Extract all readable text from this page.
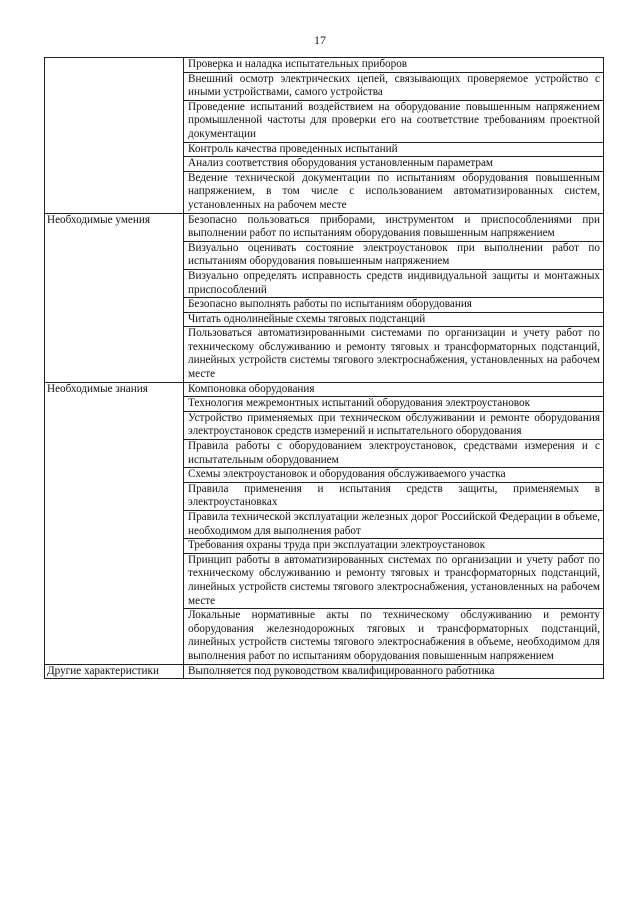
17
	Проверка и наладка испытательных приборов
	Внешний осмотр электрических цепей, связывающих проверяемое устройство с иными устройствами, самого устройства
	Проведение испытаний воздействием на оборудование повышенным напряжением промышленной частоты для проверки его на соответствие требованиям проектной документации
	Контроль качества проведенных испытаний
	Анализ соответствия оборудования установленным параметрам
	Ведение технической документации по испытаниям оборудования повышенным напряжением, в том числе с использованием автоматизированных систем, установленных на рабочем месте
Необходимые умения	Безопасно пользоваться приборами, инструментом и приспособлениями при выполнении работ по испытаниям оборудования повышенным напряжением
	Визуально оценивать состояние электроустановок при выполнении работ по испытаниям оборудования повышенным напряжением
	Визуально определять исправность средств индивидуальной защиты и монтажных приспособлений
	Безопасно выполнять работы по испытаниям оборудования
	Читать однолинейные схемы тяговых подстанций
	Пользоваться автоматизированными системами по организации и учету работ по техническому обслуживанию и ремонту тяговых и трансформаторных подстанций, линейных устройств системы тягового электроснабжения, установленных на рабочем месте
Необходимые знания	Компоновка оборудования
	Технология межремонтных испытаний оборудования электроустановок
	Устройство применяемых при техническом обслуживании и ремонте оборудования электроустановок средств измерений и испытательного оборудования
	Правила работы с оборудованием электроустановок, средствами измерения и с испытательным оборудованием
	Схемы электроустановок и оборудования обслуживаемого участка
	Правила применения и испытания средств защиты, применяемых в электроустановках
	Правила технической эксплуатации железных дорог Российской Федерации в объеме, необходимом для выполнения работ
	Требования охраны труда при эксплуатации электроустановок
	Принцип работы в автоматизированных системах по организации и учету работ по техническому обслуживанию и ремонту тяговых и трансформаторных подстанций, линейных устройств системы тягового электроснабжения, установленных на рабочем месте
	Локальные нормативные акты по техническому обслуживанию и ремонту оборудования железнодорожных тяговых и трансформаторных подстанций, линейных устройств системы тягового электроснабжения в объеме, необходимом для выполнения работ по испытаниям оборудования повышенным напряжением
Другие характеристики	Выполняется под руководством квалифицированного работника
